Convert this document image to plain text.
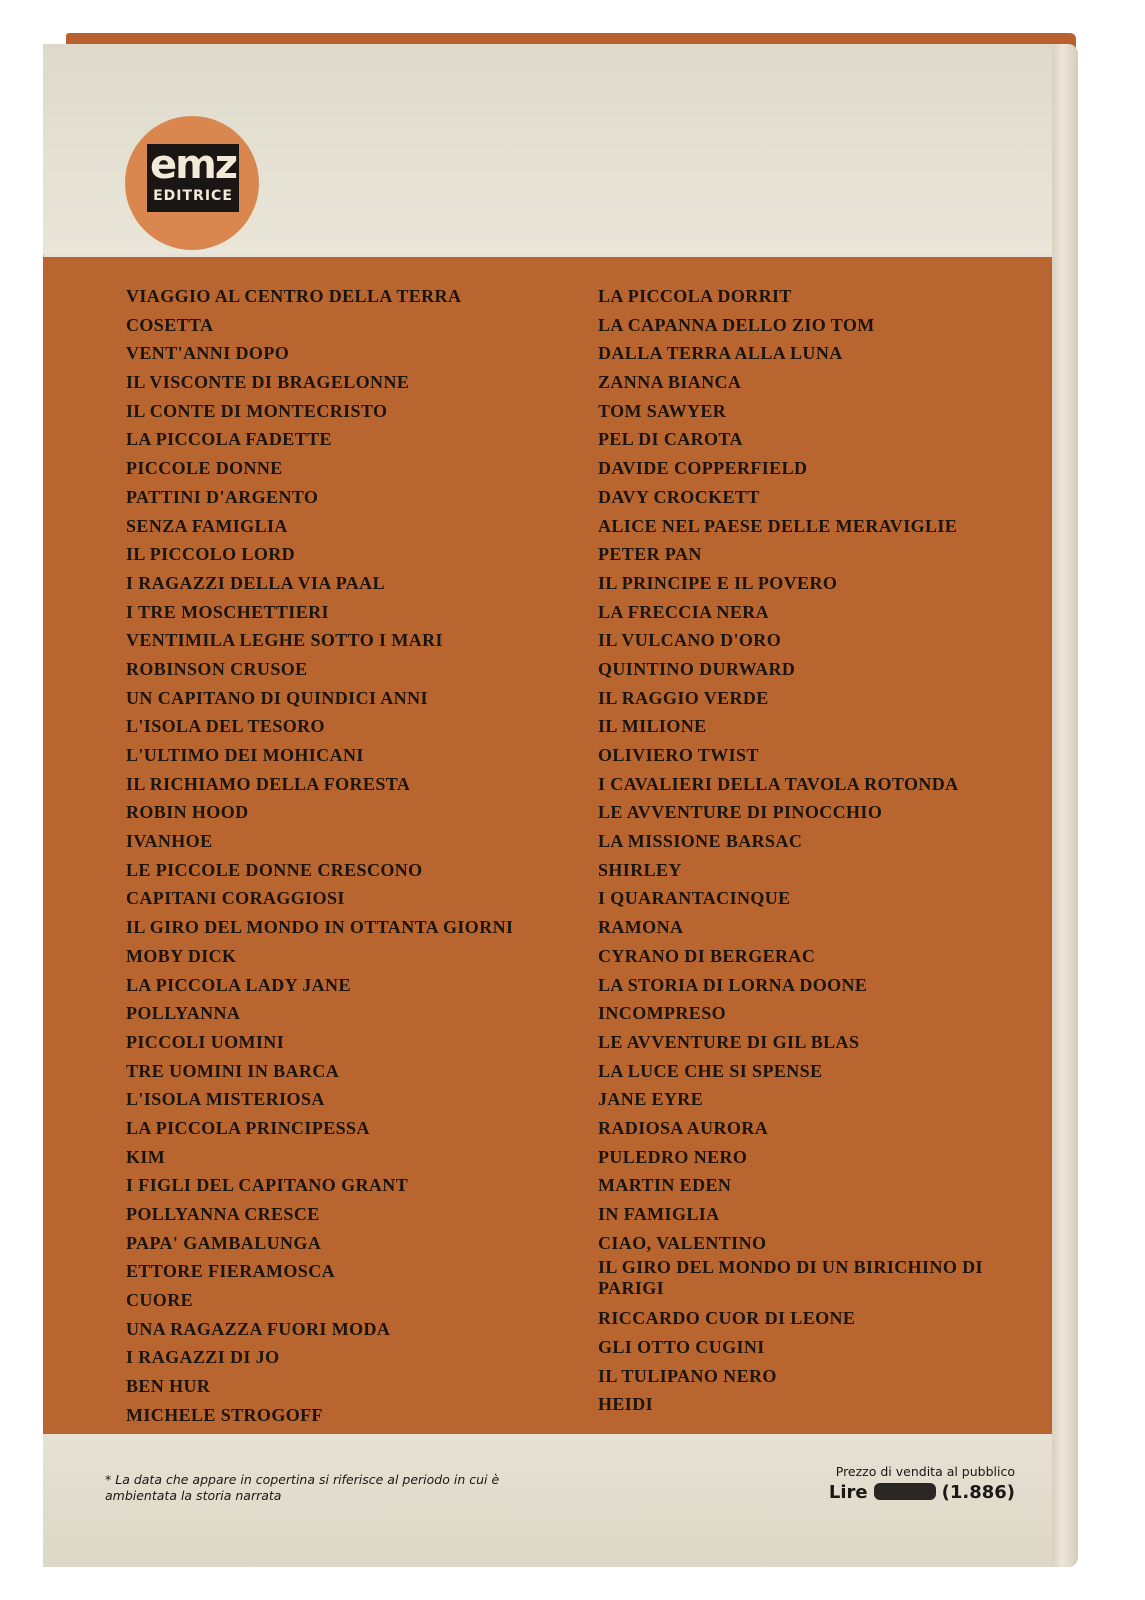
emz
EDITRICE
VIAGGIO AL CENTRO DELLA TERRA
COSETTA
VENT'ANNI DOPO
IL VISCONTE DI BRAGELONNE
IL CONTE DI MONTECRISTO
LA PICCOLA FADETTE
PICCOLE DONNE
PATTINI D'ARGENTO
SENZA FAMIGLIA
IL PICCOLO LORD
I RAGAZZI DELLA VIA PAAL
I TRE MOSCHETTIERI
VENTIMILA LEGHE SOTTO I MARI
ROBINSON CRUSOE
UN CAPITANO DI QUINDICI ANNI
L'ISOLA DEL TESORO
L'ULTIMO DEI MOHICANI
IL RICHIAMO DELLA FORESTA
ROBIN HOOD
IVANHOE
LE PICCOLE DONNE CRESCONO
CAPITANI CORAGGIOSI
IL GIRO DEL MONDO IN OTTANTA GIORNI
MOBY DICK
LA PICCOLA LADY JANE
POLLYANNA
PICCOLI UOMINI
TRE UOMINI IN BARCA
L'ISOLA MISTERIOSA
LA PICCOLA PRINCIPESSA
KIM
I FIGLI DEL CAPITANO GRANT
POLLYANNA CRESCE
PAPA' GAMBALUNGA
ETTORE FIERAMOSCA
CUORE
UNA RAGAZZA FUORI MODA
I RAGAZZI DI JO
BEN HUR
MICHELE STROGOFF
LA PICCOLA DORRIT
LA CAPANNA DELLO ZIO TOM
DALLA TERRA ALLA LUNA
ZANNA BIANCA
TOM SAWYER
PEL DI CAROTA
DAVIDE COPPERFIELD
DAVY CROCKETT
ALICE NEL PAESE DELLE MERAVIGLIE
PETER PAN
IL PRINCIPE E IL POVERO
LA FRECCIA NERA
IL VULCANO D'ORO
QUINTINO DURWARD
IL RAGGIO VERDE
IL MILIONE
OLIVIERO TWIST
I CAVALIERI DELLA TAVOLA ROTONDA
LE AVVENTURE DI PINOCCHIO
LA MISSIONE BARSAC
SHIRLEY
I QUARANTACINQUE
RAMONA
CYRANO DI BERGERAC
LA STORIA DI LORNA DOONE
INCOMPRESO
LE AVVENTURE DI GIL BLAS
LA LUCE CHE SI SPENSE
JANE EYRE
RADIOSA AURORA
PULEDRO NERO
MARTIN EDEN
IN FAMIGLIA
CIAO, VALENTINO
IL GIRO DEL MONDO DI UN BIRICHINO DI PARIGI
RICCARDO CUOR DI LEONE
GLI OTTO CUGINI
IL TULIPANO NERO
HEIDI
* La data che appare in copertina si riferisce al periodo in cui è ambientata la storia narrata
Prezzo di vendita al pubblico
Lire	(1.886)
